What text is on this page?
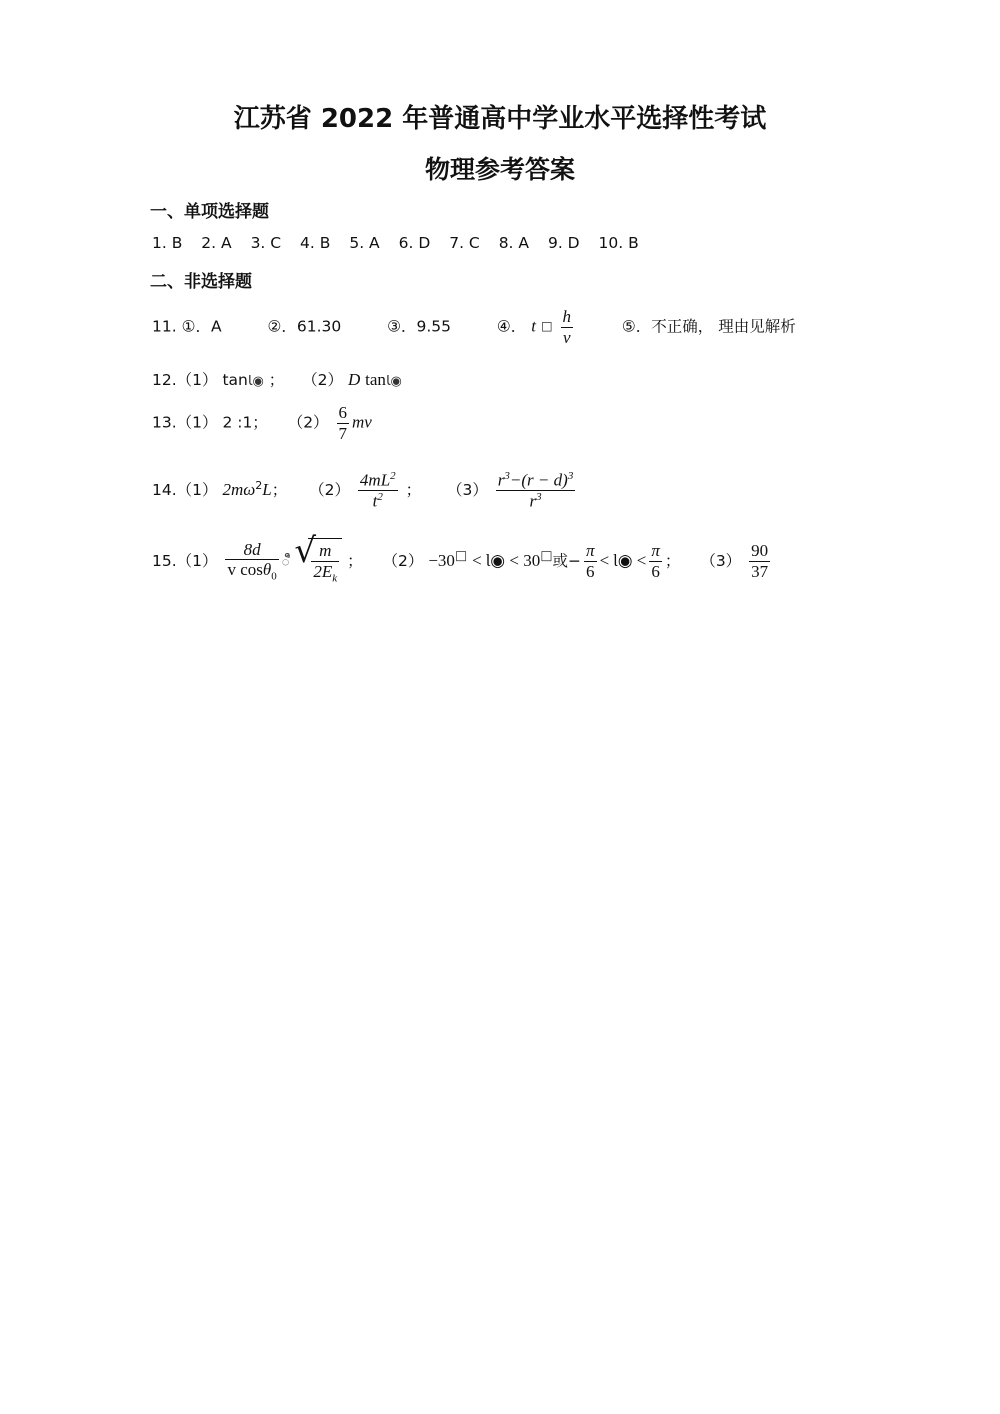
江苏省 2022 年普通高中学业水平选择性考试
物理参考答案
一、单项选择题
1. B 2. A 3. C 4. B 5. A 6. D 7. C 8. A 9. D 10. B
二、非选择题
11. ①．A	②．61.30	③．9.55	④． t ☐ $\frac{h}{v}$	⑤．不正确， 理由见解析
12.（1） tanƖ◉ ； （2） D tanƖ◉
13.（1） 2 :1； $(2) \frac{6}{7}$ mv
14.（1） $2m\omega^2L$； $(2) \frac{4mL^2}{t^2}$ ； $(3) \frac{r^3-(r - d)^3}{r^3}$
$15.(1) \frac{8d}{v \cos\theta_0}$ ꦷ √
$\frac{m}{2E_k}$ ； （2） −30□ < Ɩ◉ < 30□或− $\frac{\pi}{6}$ < Ɩ◉ < $\frac{\pi}{6}$ ； $(3) \frac{90}{37}$
